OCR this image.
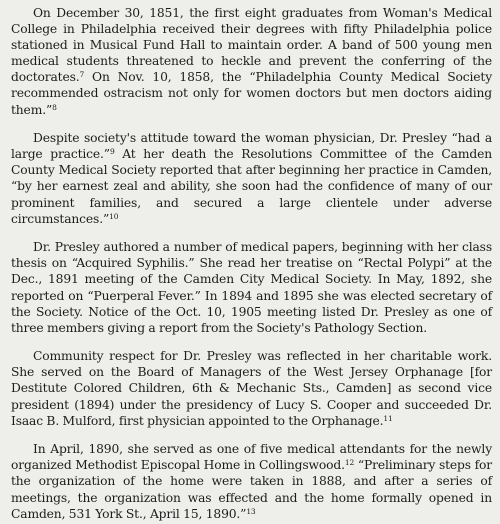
On December 30, 1851, the first eight graduates from Woman's Medical College in Philadelphia received their degrees with fifty Philadelphia police stationed in Musical Fund Hall to maintain order. A band of 500 young men medical students threatened to heckle and prevent the conferring of the doctorates.$^7$ On Nov. 10, 1858, the “Philadelphia County Medical Society recommended ostracism not only for women doctors but men doctors aiding them.”$^8$

Despite society's attitude toward the woman physician, Dr. Presley “had a large practice.”$^9$ At her death the Resolutions Committee of the Camden County Medical Society reported that after beginning her practice in Camden, “by her earnest zeal and ability, she soon had the confidence of many of our prominent families, and secured a large clientele under adverse circumstances.”$^{10}$

Dr. Presley authored a number of medical papers, beginning with her class thesis on “Acquired Syphilis.” She read her treatise on “Rectal Polypi” at the Dec., 1891 meeting of the Camden City Medical Society. In May, 1892, she reported on “Puerperal Fever.” In 1894 and 1895 she was elected secretary of the Society. Notice of the Oct. 10, 1905 meeting listed Dr. Presley as one of three members giving a report from the Society's Pathology Section.

Community respect for Dr. Presley was reflected in her charitable work. She served on the Board of Managers of the West Jersey Orphanage [for Destitute Colored Children, 6th & Mechanic Sts., Camden] as second vice president (1894) under the presidency of Lucy S. Cooper and succeeded Dr. Isaac B. Mulford, first physician appointed to the Orphanage.$^{11}$

In April, 1890, she served as one of five medical attendants for the newly organized Methodist Episcopal Home in Collingswood.$^{12}$ “Preliminary steps for the organization of the home were taken in 1888, and after a series of meetings, the organization was effected and the home formally opened in Camden, 531 York St., April 15, 1890.”$^{13}$
